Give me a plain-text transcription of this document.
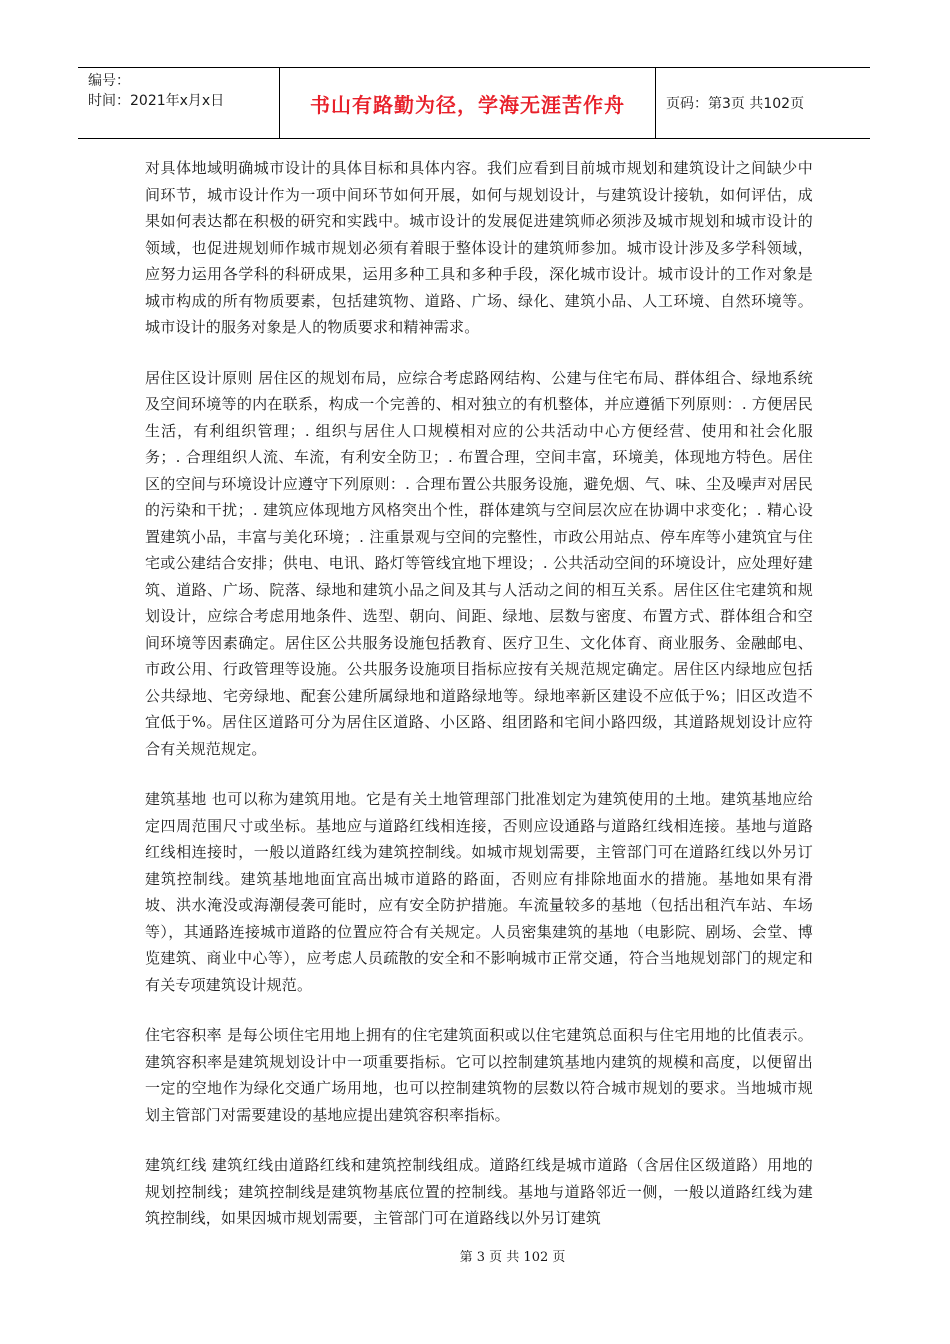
编号：
时间：2021年x月x日	书山有路勤为径，学海无涯苦作舟	页码：第3页 共102页

对具体地域明确城市设计的具体目标和具体内容。我们应看到目前城市规划和建筑设计之间缺少中间环节，城市设计作为一项中间环节如何开展，如何与规划设计，与建筑设计接轨，如何评估，成果如何表达都在积极的研究和实践中。城市设计的发展促进建筑师必须涉及城市规划和城市设计的领域，也促进规划师作城市规划必须有着眼于整体设计的建筑师参加。城市设计涉及多学科领域，应努力运用各学科的科研成果，运用多种工具和多种手段，深化城市设计。城市设计的工作对象是城市构成的所有物质要素，包括建筑物、道路、广场、绿化、建筑小品、人工环境、自然环境等。城市设计的服务对象是人的物质要求和精神需求。

居住区设计原则 居住区的规划布局，应综合考虑路网结构、公建与住宅布局、群体组合、绿地系统及空间环境等的内在联系，构成一个完善的、相对独立的有机整体，并应遵循下列原则：. 方便居民生活，有利组织管理；. 组织与居住人口规模相对应的公共活动中心方便经营、使用和社会化服务；. 合理组织人流、车流，有利安全防卫；. 布置合理，空间丰富，环境美，体现地方特色。居住区的空间与环境设计应遵守下列原则：. 合理布置公共服务设施，避免烟、气、味、尘及噪声对居民的污染和干扰；. 建筑应体现地方风格突出个性，群体建筑与空间层次应在协调中求变化；. 精心设置建筑小品，丰富与美化环境；. 注重景观与空间的完整性，市政公用站点、停车库等小建筑宜与住宅或公建结合安排；供电、电讯、路灯等管线宜地下埋设；. 公共活动空间的环境设计，应处理好建筑、道路、广场、院落、绿地和建筑小品之间及其与人活动之间的相互关系。居住区住宅建筑和规划设计，应综合考虑用地条件、选型、朝向、间距、绿地、层数与密度、布置方式、群体组合和空间环境等因素确定。居住区公共服务设施包括教育、医疗卫生、文化体育、商业服务、金融邮电、市政公用、行政管理等设施。公共服务设施项目指标应按有关规范规定确定。居住区内绿地应包括公共绿地、宅旁绿地、配套公建所属绿地和道路绿地等。绿地率新区建设不应低于%；旧区改造不宜低于%。居住区道路可分为居住区道路、小区路、组团路和宅间小路四级，其道路规划设计应符合有关规范规定。

建筑基地 也可以称为建筑用地。它是有关土地管理部门批准划定为建筑使用的土地。建筑基地应给定四周范围尺寸或坐标。基地应与道路红线相连接，否则应设通路与道路红线相连接。基地与道路红线相连接时，一般以道路红线为建筑控制线。如城市规划需要，主管部门可在道路红线以外另订建筑控制线。建筑基地地面宜高出城市道路的路面，否则应有排除地面水的措施。基地如果有滑坡、洪水淹没或海潮侵袭可能时，应有安全防护措施。车流量较多的基地（包括出租汽车站、车场等），其通路连接城市道路的位置应符合有关规定。人员密集建筑的基地（电影院、剧场、会堂、博览建筑、商业中心等），应考虑人员疏散的安全和不影响城市正常交通，符合当地规划部门的规定和有关专项建筑设计规范。

住宅容积率 是每公顷住宅用地上拥有的住宅建筑面积或以住宅建筑总面积与住宅用地的比值表示。建筑容积率是建筑规划设计中一项重要指标。它可以控制建筑基地内建筑的规模和高度，以便留出一定的空地作为绿化交通广场用地，也可以控制建筑物的层数以符合城市规划的要求。当地城市规划主管部门对需要建设的基地应提出建筑容积率指标。

建筑红线 建筑红线由道路红线和建筑控制线组成。道路红线是城市道路（含居住区级道路）用地的规划控制线；建筑控制线是建筑物基底位置的控制线。基地与道路邻近一侧，一般以道路红线为建筑控制线，如果因城市规划需要，主管部门可在道路线以外另订建筑

第 3 页 共 102 页
